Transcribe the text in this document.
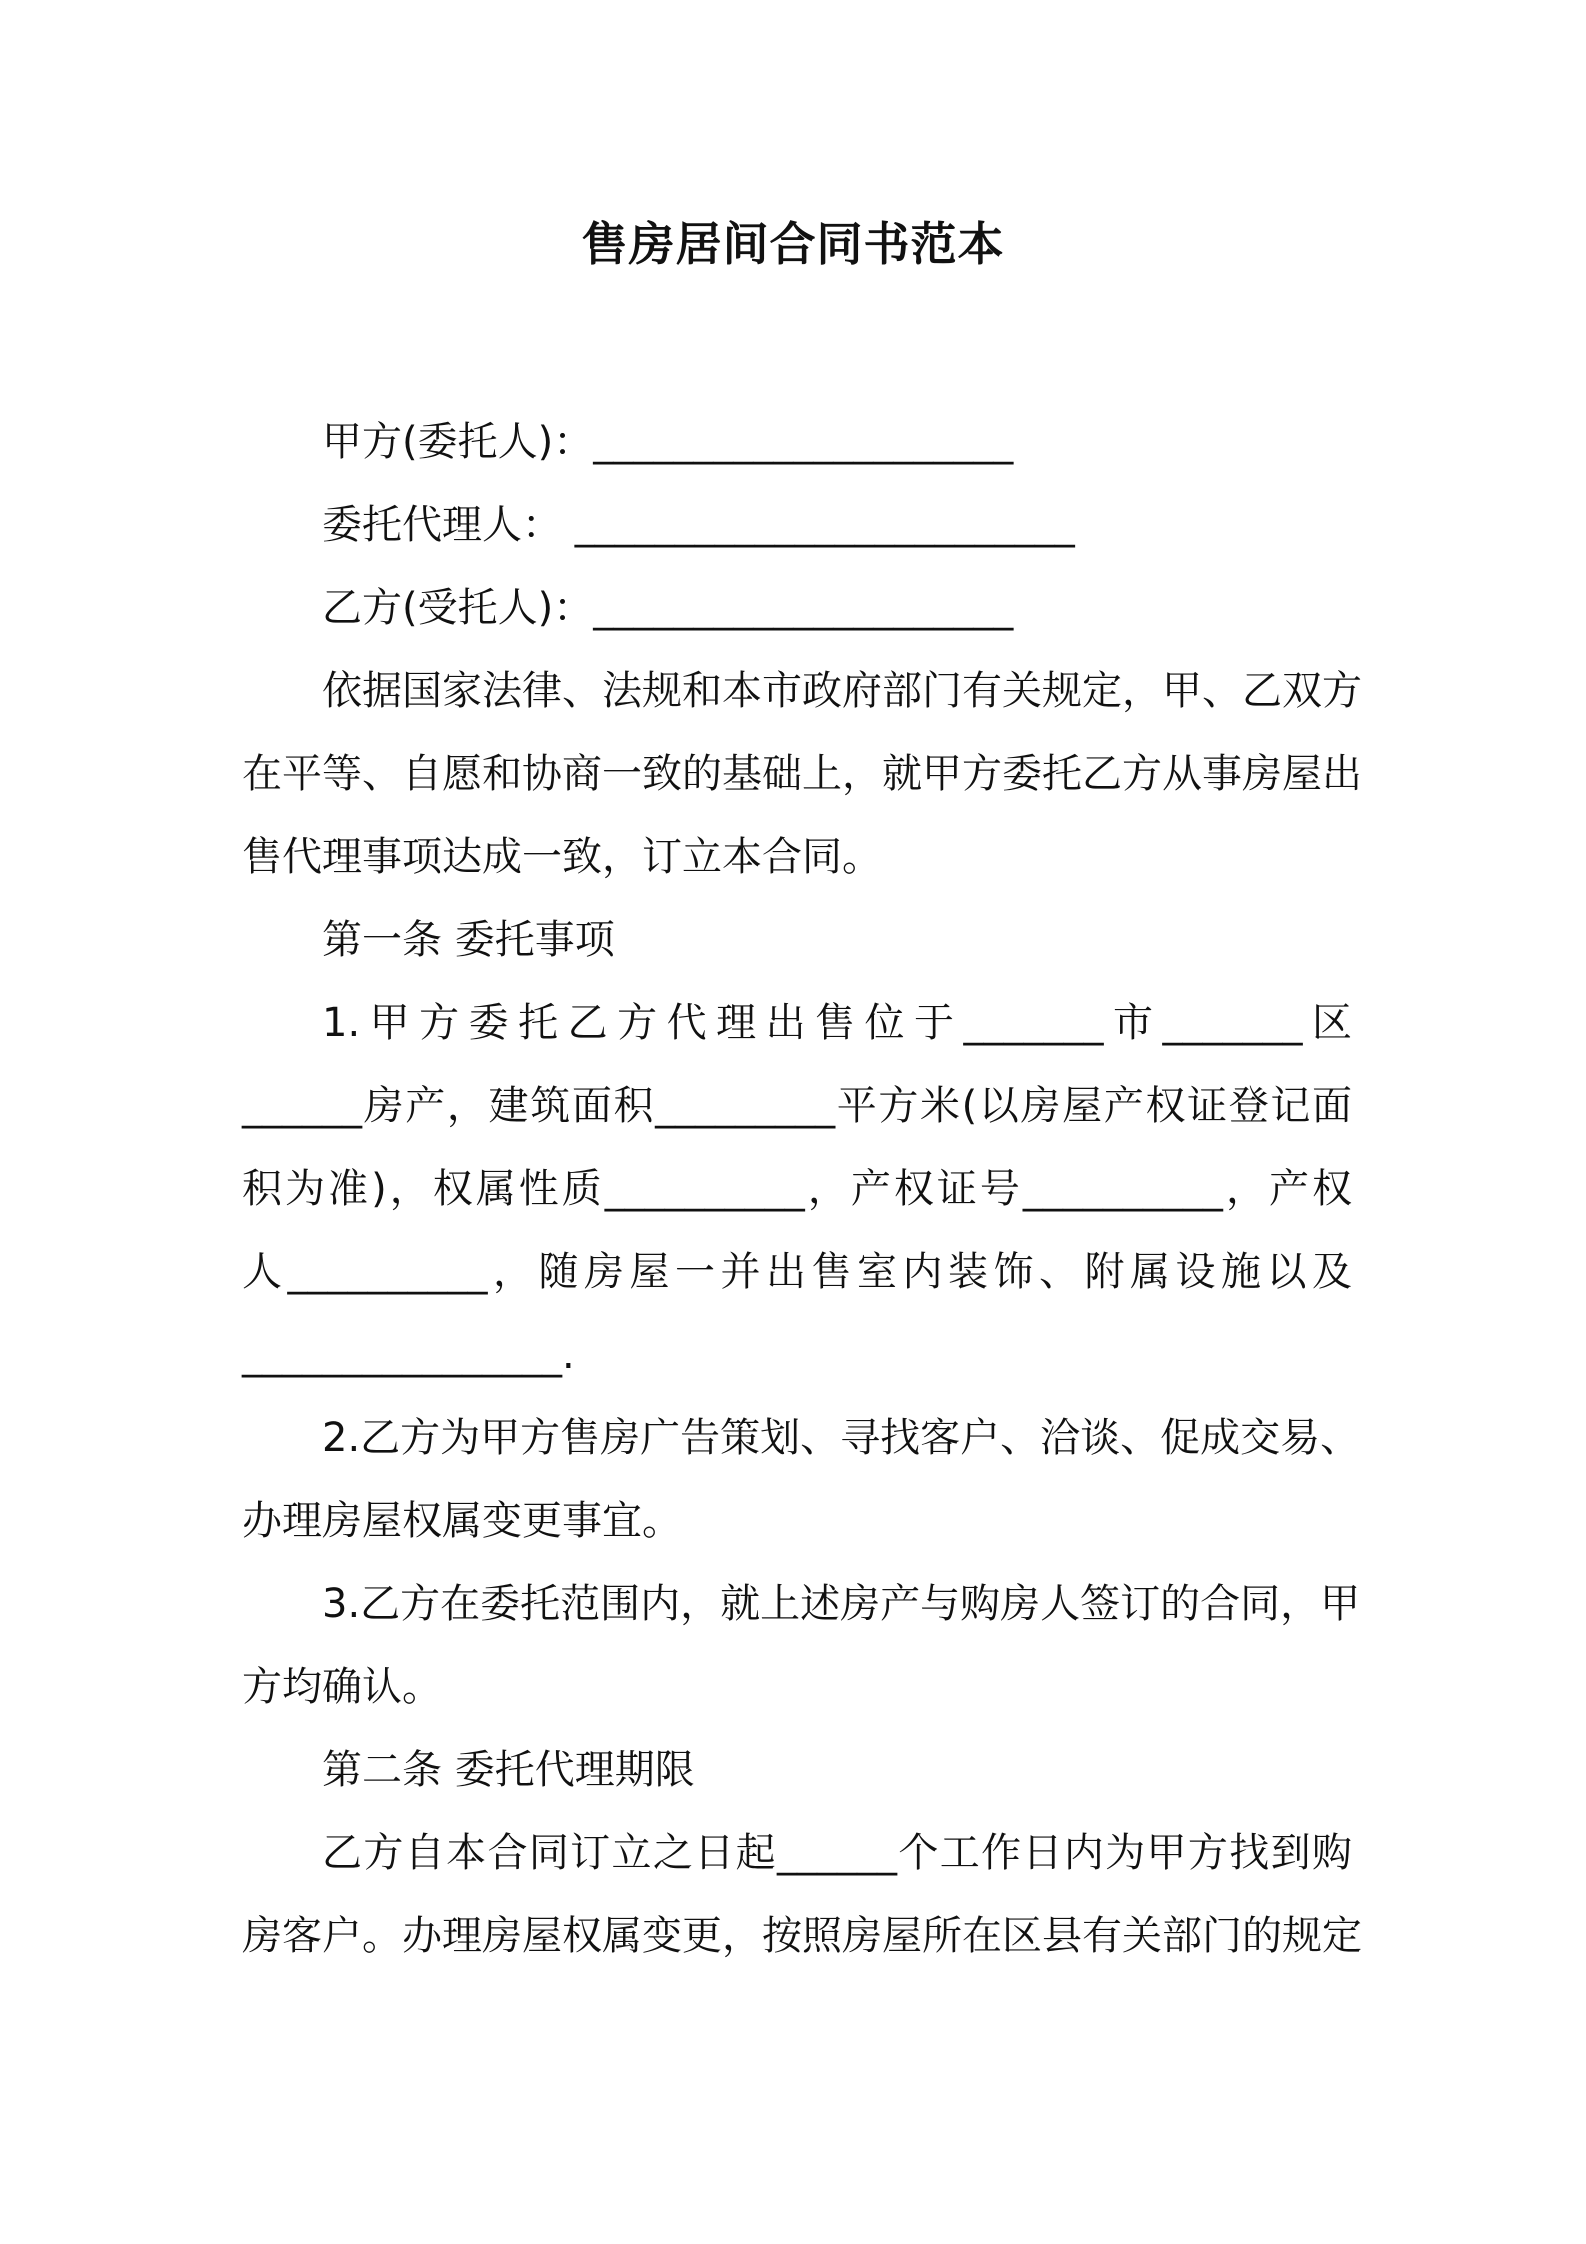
售房居间合同书范本

甲方(委托人)：_____________________

委托代理人： _________________________

乙方(受托人)：_____________________

依据国家法律、法规和本市政府部门有关规定，甲、乙双方

在平等、自愿和协商一致的基础上，就甲方委托乙方从事房屋出

售代理事项达成一致，订立本合同。

第一条 委托事项

1.甲方委托乙方代理出售位于_______市_______区

______房产，建筑面积_________平方米(以房屋产权证登记面

积为准)，权属性质__________，产权证号__________，产权

人__________，随房屋一并出售室内装饰、附属设施以及

________________.

2.乙方为甲方售房广告策划、寻找客户、洽谈、促成交易、

办理房屋权属变更事宜。

3.乙方在委托范围内，就上述房产与购房人签订的合同，甲

方均确认。

第二条 委托代理期限

乙方自本合同订立之日起______个工作日内为甲方找到购

房客户。办理房屋权属变更，按照房屋所在区县有关部门的规定
